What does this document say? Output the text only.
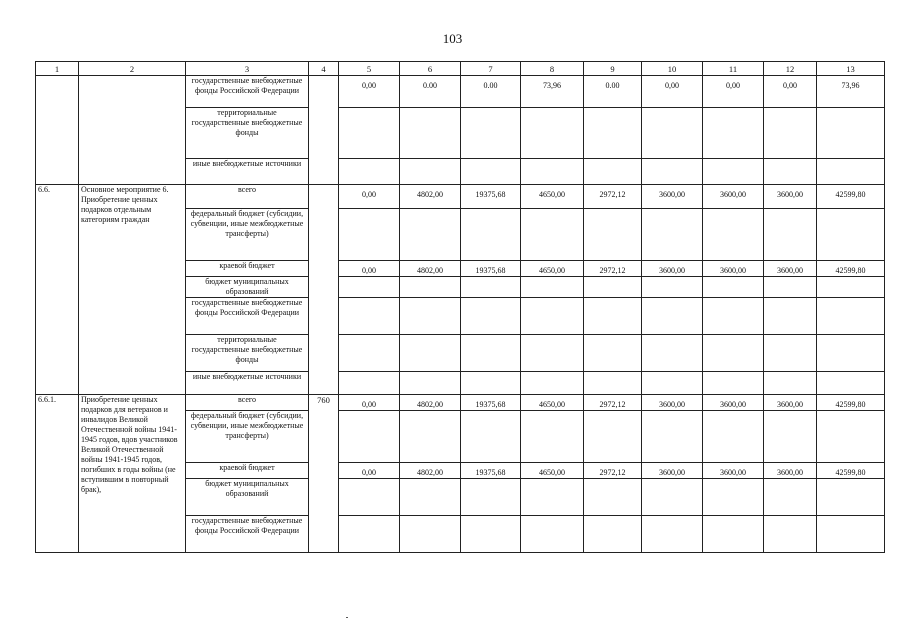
103
1	2	3	4	5	6	7	8	9	10	11	12	13
		государственные внебюджетные фонды Российской Федерации		0,00	0.00	0.00	73,96	0.00	0,00	0,00	0,00	73,96

		территориальные государственные внебюджетные фонды		

		иные внебюджетные источники		

6.6.	Основное мероприятие 6. Приобретение ценных подарков отдельным категориям граждан	всего		0,00	4802,00	19375,68	4650,00	2972,12	3600,00	3600,00	3600,00	42599,80

		федеральный бюджет (субсидии, субвенции, иные межбюджетные трансферты)		

		краевой бюджет		0,00	4802,00	19375,68	4650,00	2972,12	3600,00	3600,00	3600,00	42599,80

		бюджет муниципальных образований		

		государственные внебюджетные фонды Российской Федерации		

		территориальные государственные внебюджетные фонды		

		иные внебюджетные источники		

6.6.1.	Приобретение ценных подарков для ветеранов и инвалидов Великой Отечественной войны 1941-1945 годов, вдов участников Великой Отечественной войны 1941-1945 годов, погибших в годы войны (не вступившим в повторный брак),	всего	760	0,00	4802,00	19375,68	4650,00	2972,12	3600,00	3600,00	3600,00	42599,80

		федеральный бюджет (субсидии, субвенции, иные межбюджетные трансферты)		

		краевой бюджет		0,00	4802,00	19375,68	4650,00	2972,12	3600,00	3600,00	3600,00	42599,80

		бюджет муниципальных образований		

		государственные внебюджетные фонды Российской Федерации		
